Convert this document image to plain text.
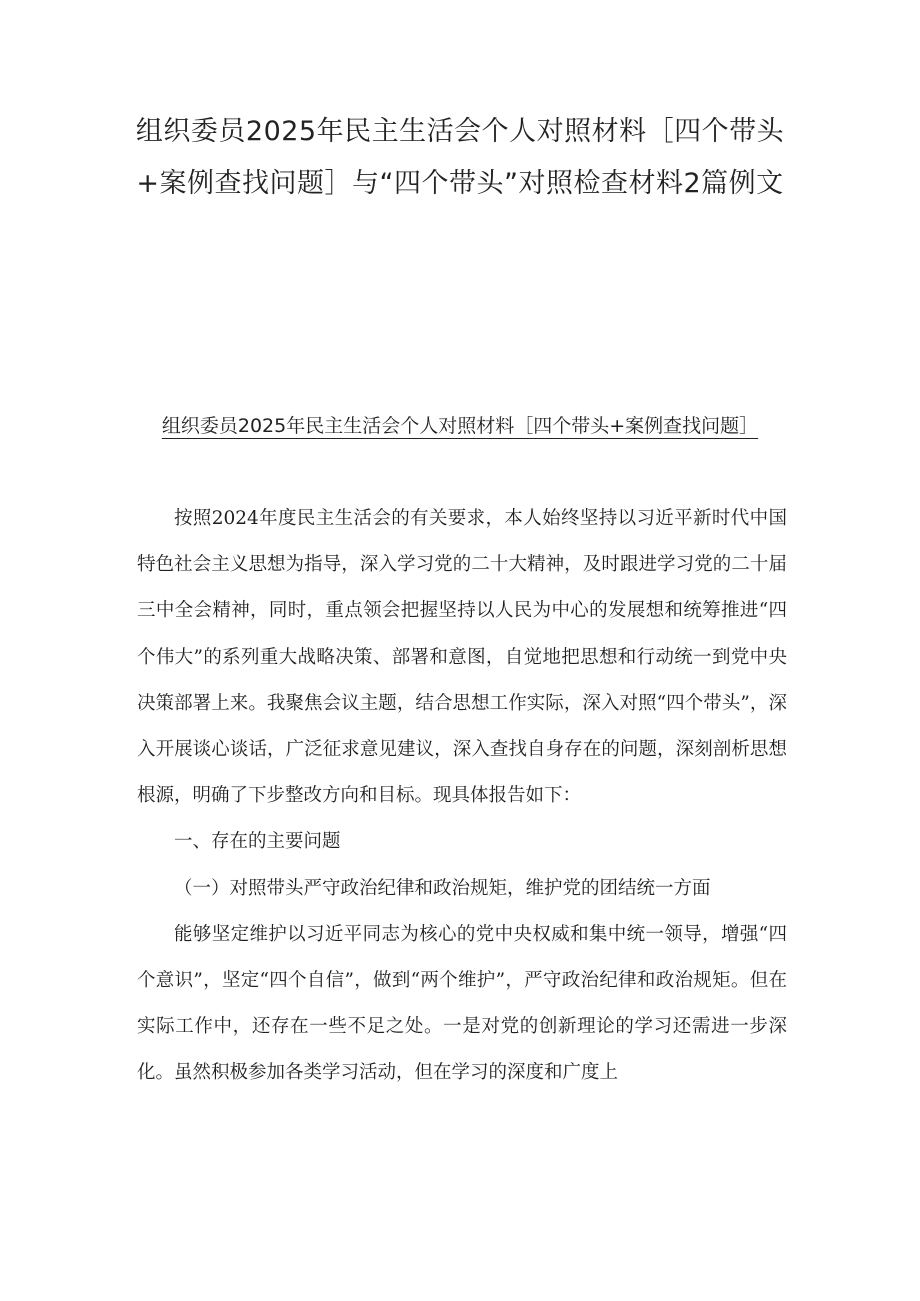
组织委员2025年民主生活会个人对照材料［四个带头+案例查找问题］与“四个带头”对照检查材料2篇例文
组织委员2025年民主生活会个人对照材料［四个带头+案例查找问题］

按照2024年度民主生活会的有关要求，本人始终坚持以习近平新时代中国特色社会主义思想为指导，深入学习党的二十大精神，及时跟进学习党的二十届三中全会精神，同时，重点领会把握坚持以人民为中心的发展想和统筹推进“四个伟大”的系列重大战略决策、部署和意图，自觉地把思想和行动统一到党中央决策部署上来。我聚焦会议主题，结合思想工作实际，深入对照“四个带头”，深入开展谈心谈话，广泛征求意见建议，深入查找自身存在的问题，深刻剖析思想根源，明确了下步整改方向和目标。现具体报告如下：

一、存在的主要问题

（一）对照带头严守政治纪律和政治规矩，维护党的团结统一方面

能够坚定维护以习近平同志为核心的党中央权威和集中统一领导，增强“四个意识”，坚定“四个自信”，做到“两个维护”，严守政治纪律和政治规矩。但在实际工作中，还存在一些不足之处。一是对党的创新理论的学习还需进一步深化。虽然积极参加各类学习活动，但在学习的深度和广度上
